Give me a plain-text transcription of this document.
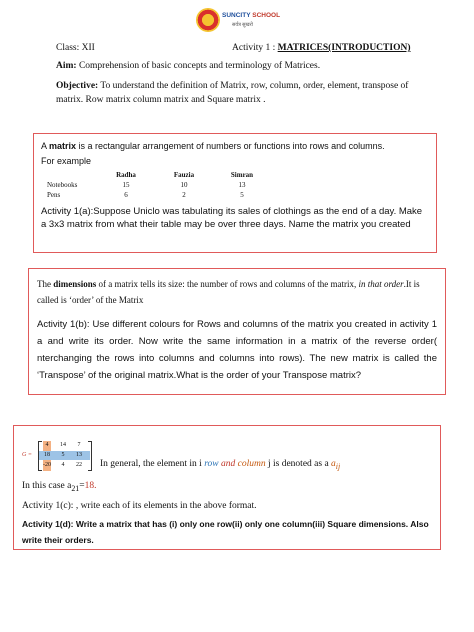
SUNCITY SCHOOL
सर्वत्र सुखरो
Class: XII	Activity 1 : MATRICES(INTRODUCTION)
Aim: Comprehension of basic concepts and terminology of Matrices.
Objective: To understand the definition of Matrix, row, column, order, element, transpose of matrix. Row matrix column matrix and Square matrix .
A matrix is a rectangular arrangement of numbers or functions into rows and columns.
For example
	Radha	Fauzia	Simran
Notebooks	15	10	13
Pens	6	2	5
Activity 1(a):Suppose Uniclo was tabulating its sales of clothings as the end of a day. Make a 3x3 matrix from what their table may be over three days. Name the matrix you created
The dimensions of a matrix tells its size: the number of rows and columns of the matrix, in that order.It is called is ‘order’ of the Matrix
Activity 1(b): Use different colours for Rows and columns of the matrix you created in activity 1 a and write its order. Now write the same information in a matrix of the reverse order( nterchanging the rows into columns and columns into rows). The new matrix is called the ‘Transpose’ of the original matrix.What is the order of your Transpose matrix?
G =
4	14	7
18	5	13
-20	4	22 In general, the element in i row and column j is denoted as a $a_{ij}$
In this case $a_{21}=18$.
Activity 1(c): , write each of its elements in the above format.
Activity 1(d): Write a matrix that has (i) only one row(ii) only one column(iii) Square dimensions. Also write their orders.
